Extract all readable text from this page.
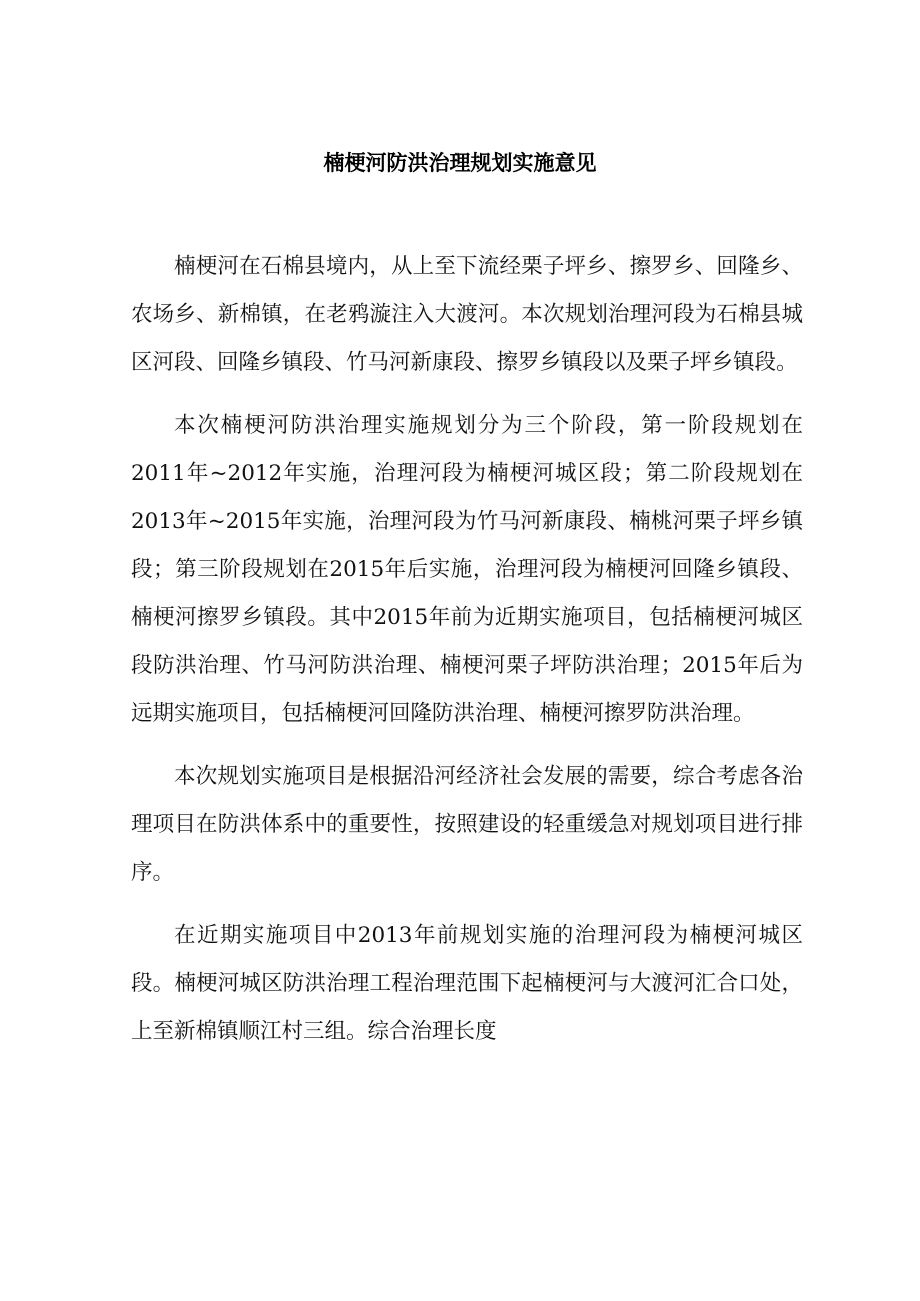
楠梗河防洪治理规划实施意见

楠梗河在石棉县境内，从上至下流经栗子坪乡、擦罗乡、回隆乡、农场乡、新棉镇，在老鸦漩注入大渡河。本次规划治理河段为石棉县城区河段、回隆乡镇段、竹马河新康段、擦罗乡镇段以及栗子坪乡镇段。

本次楠梗河防洪治理实施规划分为三个阶段，第一阶段规划在2011年~2012年实施，治理河段为楠梗河城区段；第二阶段规划在2013年~2015年实施，治理河段为竹马河新康段、楠桃河栗子坪乡镇段；第三阶段规划在2015年后实施，治理河段为楠梗河回隆乡镇段、楠梗河擦罗乡镇段。其中2015年前为近期实施项目，包括楠梗河城区段防洪治理、竹马河防洪治理、楠梗河栗子坪防洪治理；2015年后为远期实施项目，包括楠梗河回隆防洪治理、楠梗河擦罗防洪治理。

本次规划实施项目是根据沿河经济社会发展的需要，综合考虑各治理项目在防洪体系中的重要性，按照建设的轻重缓急对规划项目进行排序。

在近期实施项目中2013年前规划实施的治理河段为楠梗河城区段。楠梗河城区防洪治理工程治理范围下起楠梗河与大渡河汇合口处，上至新棉镇顺江村三组。综合治理长度
